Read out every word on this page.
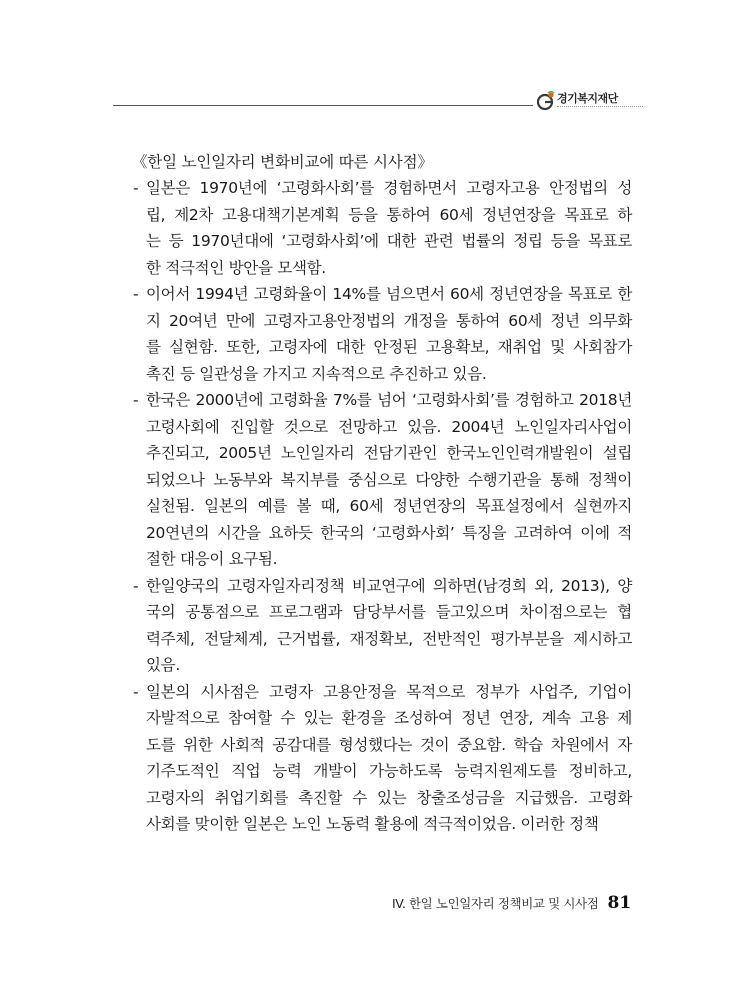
경기복지재단

《한일 노인일자리 변화비교에 따른 시사점》

- 일본은 1970년에 ‘고령화사회’를 경험하면서 고령자고용 안정법의 성
립, 제2차 고용대책기본계획 등을 통하여 60세 정년연장을 목표로 하
는 등 1970년대에 ‘고령화사회’에 대한 관련 법률의 정립 등을 목표로
한 적극적인 방안을 모색함.
- 이어서 1994년 고령화율이 14%를 넘으면서 60세 정년연장을 목표로 한
지 20여년 만에 고령자고용안정법의 개정을 통하여 60세 정년 의무화
를 실현함. 또한, 고령자에 대한 안정된 고용확보, 재취업 및 사회참가
촉진 등 일관성을 가지고 지속적으로 추진하고 있음.
- 한국은 2000년에 고령화율 7%를 넘어 ‘고령화사회’를 경험하고 2018년
고령사회에 진입할 것으로 전망하고 있음. 2004년 노인일자리사업이
추진되고, 2005년 노인일자리 전담기관인 한국노인인력개발원이 설립
되었으나 노동부와 복지부를 중심으로 다양한 수행기관을 통해 정책이
실천됨. 일본의 예를 볼 때, 60세 정년연장의 목표설정에서 실현까지
20연년의 시간을 요하듯 한국의 ‘고령화사회’ 특징을 고려하여 이에 적
절한 대응이 요구됨.
- 한일양국의 고령자일자리정책 비교연구에 의하면(남경희 외, 2013), 양
국의 공통점으로 프로그램과 담당부서를 들고있으며 차이점으로는 협
력주체, 전달체계, 근거법률, 재정확보, 전반적인 평가부분을 제시하고
있음.
- 일본의 시사점은 고령자 고용안정을 목적으로 정부가 사업주, 기업이
자발적으로 참여할 수 있는 환경을 조성하여 정년 연장, 계속 고용 제
도를 위한 사회적 공감대를 형성했다는 것이 중요함. 학습 차원에서 자
기주도적인 직업 능력 개발이 가능하도록 능력지원제도를 정비하고,
고령자의 취업기회를 촉진할 수 있는 창출조성금을 지급했음. 고령화
사회를 맞이한 일본은 노인 노동력 활용에 적극적이었음. 이러한 정책
IV. 한일 노인일자리 정책비교 및 시사점 81
